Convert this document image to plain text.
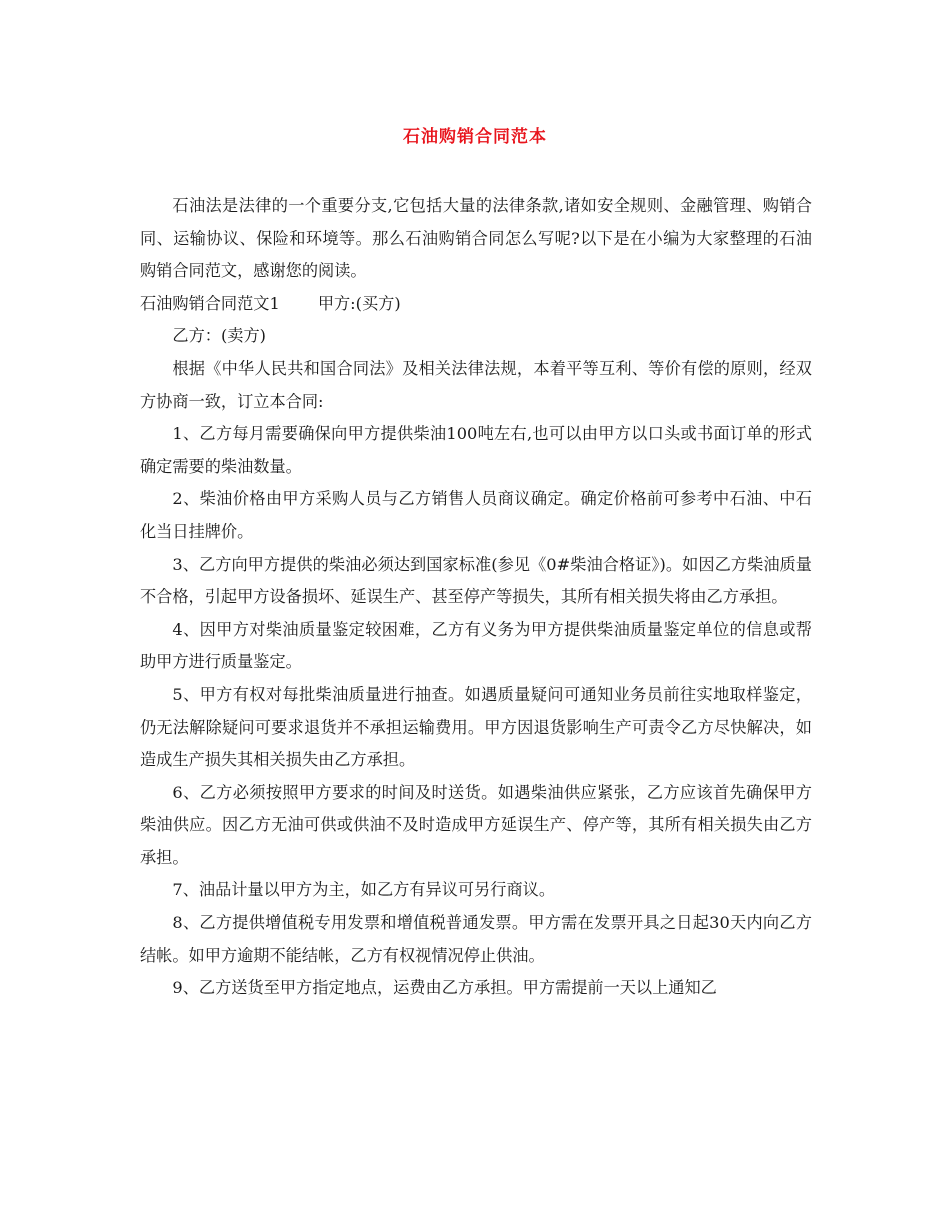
石油购销合同范本

石油法是法律的一个重要分支,它包括大量的法律条款,诸如安全规则、金融管理、购销合同、运输协议、保险和环境等。那么石油购销合同怎么写呢?以下是在小编为大家整理的石油购销合同范文，感谢您的阅读。

石油购销合同范文1 甲方:(买方)

乙方：(卖方)

根据《中华人民共和国合同法》及相关法律法规，本着平等互利、等价有偿的原则，经双方协商一致，订立本合同:

1、乙方每月需要确保向甲方提供柴油100吨左右,也可以由甲方以口头或书面订单的形式确定需要的柴油数量。

2、柴油价格由甲方采购人员与乙方销售人员商议确定。确定价格前可参考中石油、中石化当日挂牌价。

3、乙方向甲方提供的柴油必须达到国家标准(参见《0#柴油合格证》)。如因乙方柴油质量不合格，引起甲方设备损坏、延误生产、甚至停产等损失，其所有相关损失将由乙方承担。

4、因甲方对柴油质量鉴定较困难，乙方有义务为甲方提供柴油质量鉴定单位的信息或帮助甲方进行质量鉴定。

5、甲方有权对每批柴油质量进行抽查。如遇质量疑问可通知业务员前往实地取样鉴定，仍无法解除疑问可要求退货并不承担运输费用。甲方因退货影响生产可责令乙方尽快解决，如造成生产损失其相关损失由乙方承担。

6、乙方必须按照甲方要求的时间及时送货。如遇柴油供应紧张，乙方应该首先确保甲方柴油供应。因乙方无油可供或供油不及时造成甲方延误生产、停产等，其所有相关损失由乙方承担。

7、油品计量以甲方为主，如乙方有异议可另行商议。

8、乙方提供增值税专用发票和增值税普通发票。甲方需在发票开具之日起30天内向乙方结帐。如甲方逾期不能结帐，乙方有权视情况停止供油。

9、乙方送货至甲方指定地点，运费由乙方承担。甲方需提前一天以上通知乙
